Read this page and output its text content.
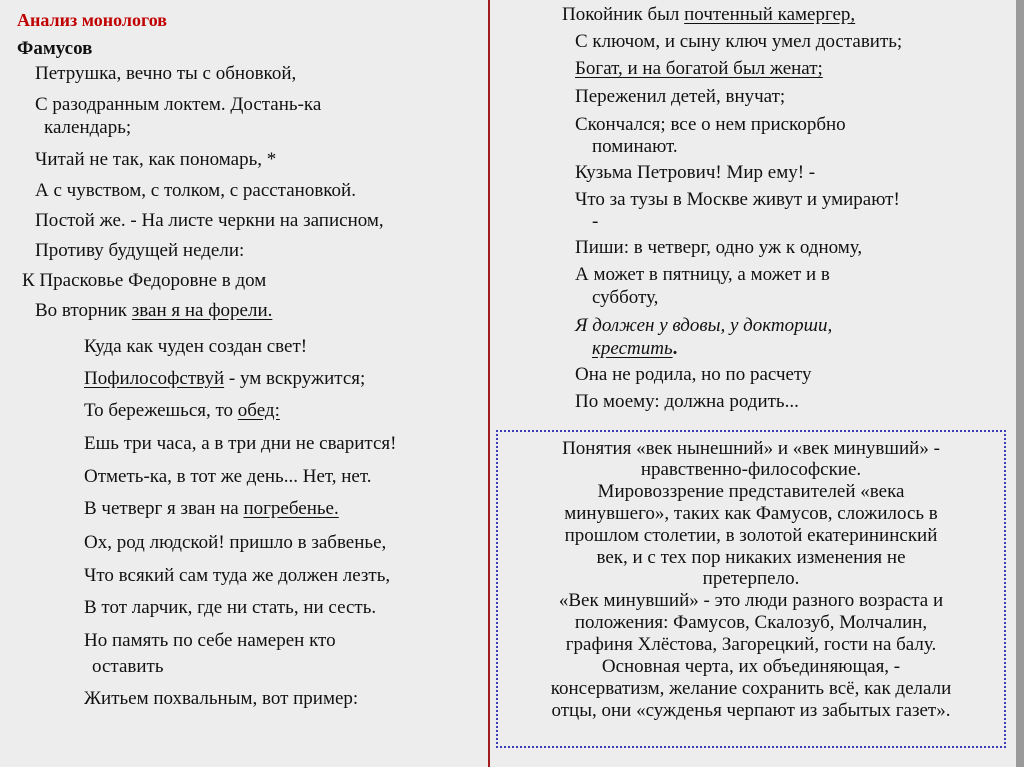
Анализ монологов
Фамусов
Петрушка, вечно ты с обновкой,
С разодранным локтем. Достань-ка
календарь;
Читай не так, как пономарь, *
А с чувством, с толком, с расстановкой.
Постой же. - На листе черкни на записном,
Противу будущей недели:
К Прасковье Федоровне в дом
Во вторник зван я на форели.
Куда как чуден создан свет!
Пофилософствуй - ум вскружится;
То бережешься, то обед:
Ешь три часа, а в три дни не сварится!
Отметь-ка, в тот же день... Нет, нет.
В четверг я зван на погребенье.
Ох, род людской! пришло в забвенье,
Что всякий сам туда же должен лезть,
В тот ларчик, где ни стать, ни сесть.
Но память по себе намерен кто
оставить
Житьем похвальным, вот пример:
Покойник был почтенный камергер,
С ключом, и сыну ключ умел доставить;
Богат, и на богатой был женат;
Переженил детей, внучат;
Скончался; все о нем прискорбно
поминают.
Кузьма Петрович! Мир ему! -
Что за тузы в Москве живут и умирают!
-
Пиши: в четверг, одно уж к одному,
А может в пятницу, а может и в
субботу,
Я должен у вдовы, у докторши,
крестить.
Она не родила, но по расчету
По моему: должна родить...
Понятия «век нынешний» и «век минувший» -
нравственно-философские.
Мировоззрение представителей «века
минувшего», таких как Фамусов, сложилось в
прошлом столетии, в золотой екатерининский
век, и с тех пор никаких изменения не
претерпело.
«Век минувший» - это люди разного возраста и
положения: Фамусов, Скалозуб, Молчалин,
графиня Хлёстова, Загорецкий, гости на балу.
Основная черта, их объединяющая, -
консерватизм, желание сохранить всё, как делали
отцы, они «сужденья черпают из забытых газет».
